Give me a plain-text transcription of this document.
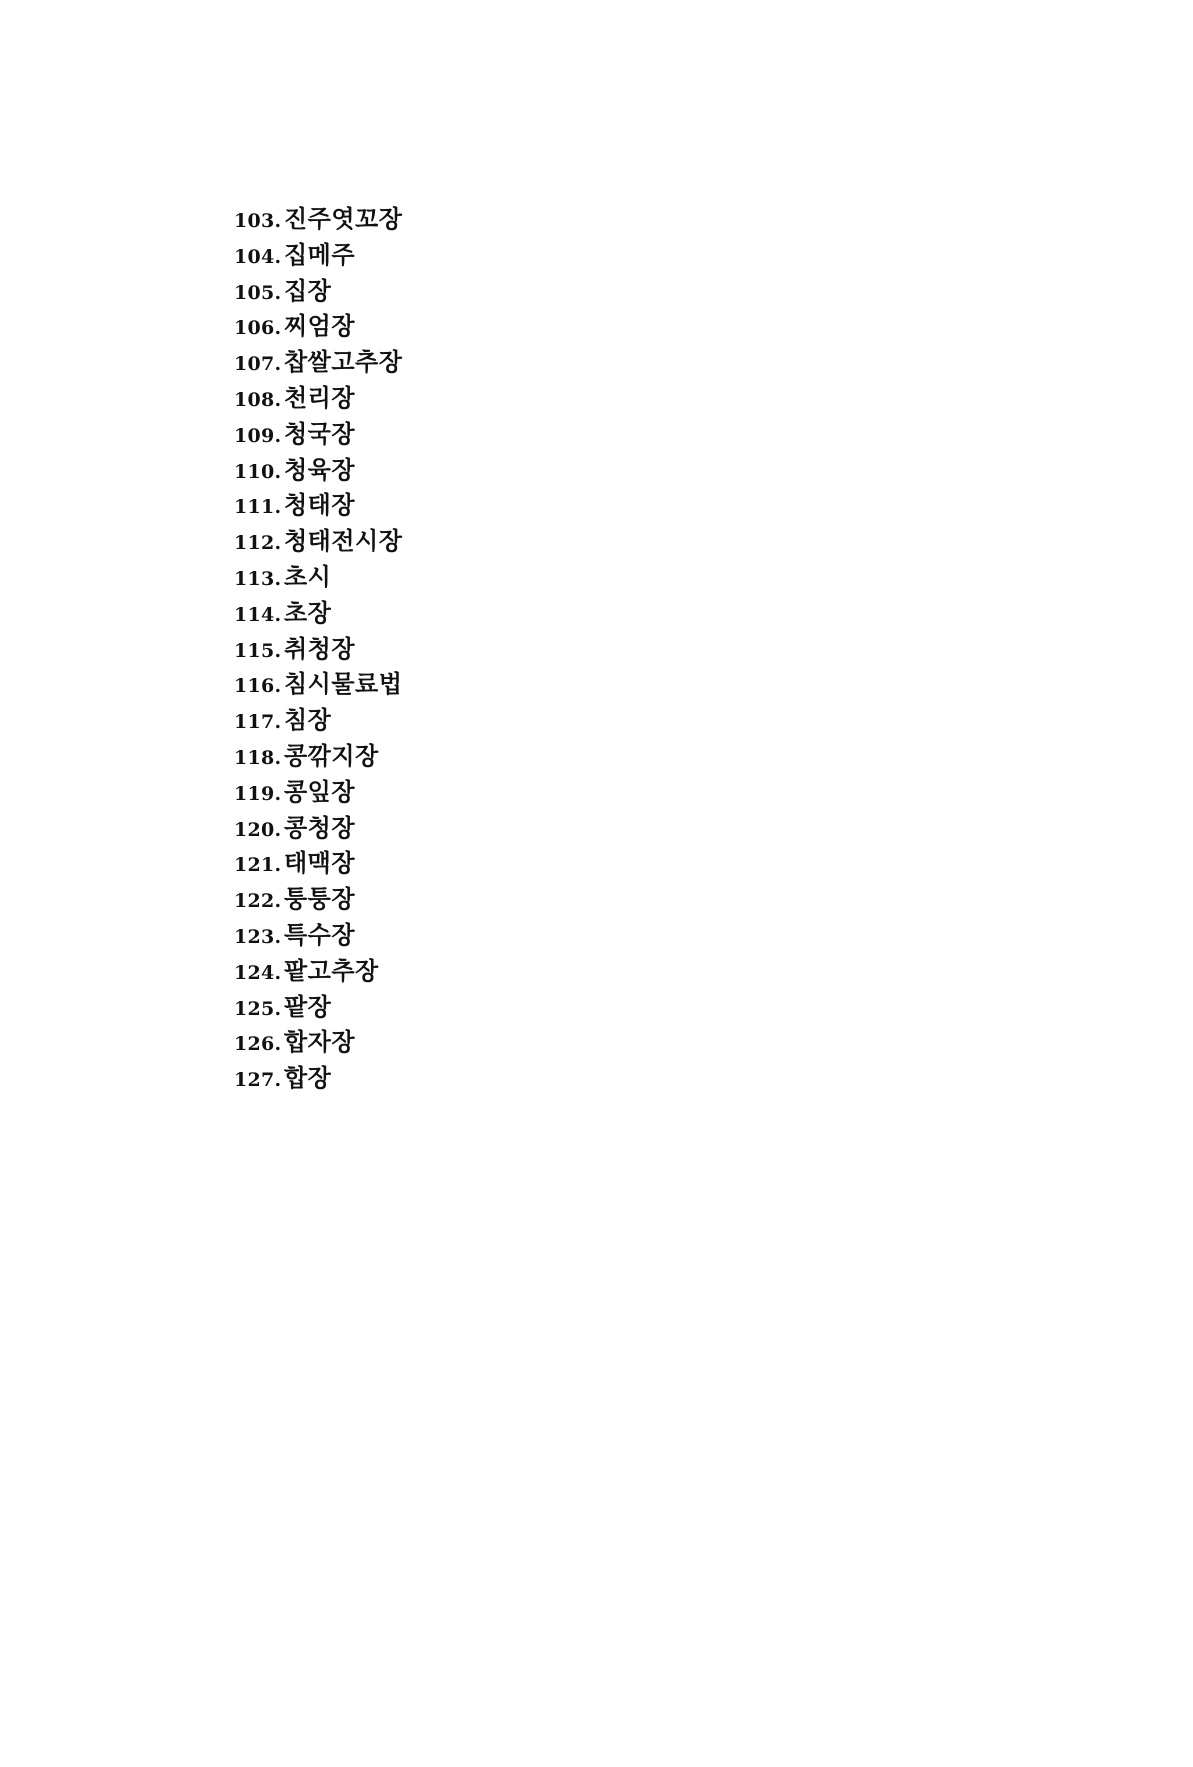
103. 진주엿꼬장
104. 집메주
105. 집장
106. 찌엄장
107. 찹쌀고추장
108. 천리장
109. 청국장
110. 청육장
111. 청태장
112. 청태전시장
113. 초시
114. 초장
115. 취청장
116. 침시물료법
117. 침장
118. 콩깎지장
119. 콩잎장
120. 콩청장
121. 태맥장
122. 퉁퉁장
123. 특수장
124. 팥고추장
125. 팥장
126. 합자장
127. 합장
